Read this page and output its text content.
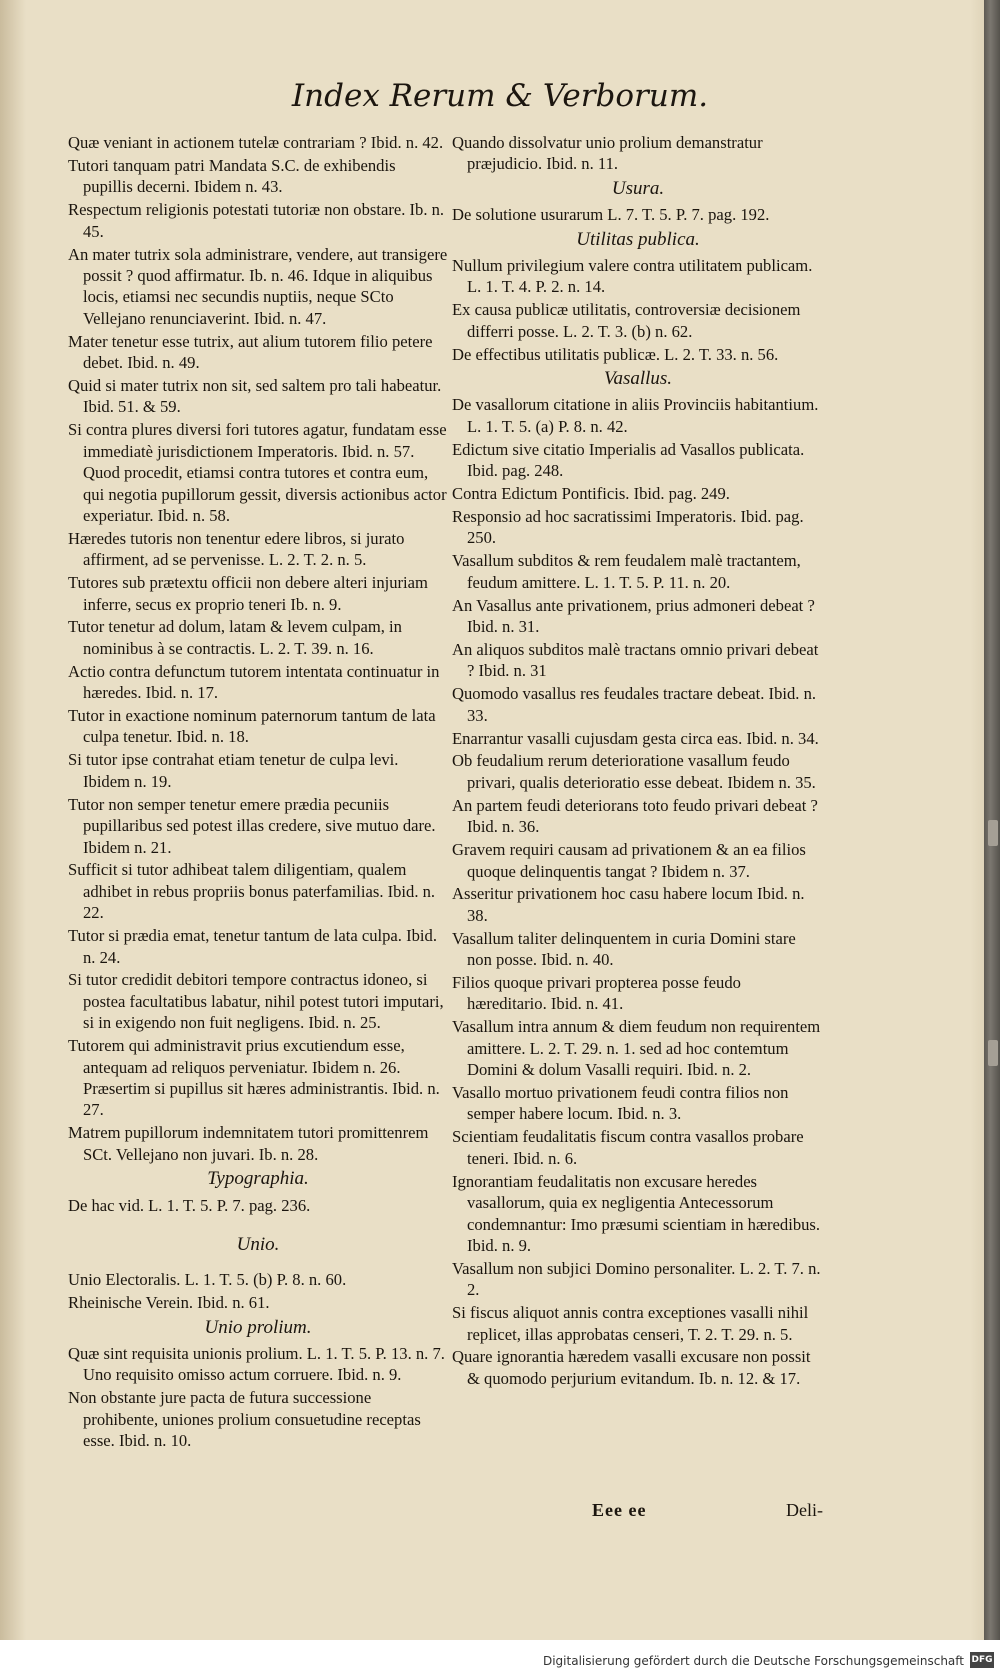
Index Rerum & Verborum.
Quæ veniant in actionem tutelæ contrariam ? Ibid. n. 42.
Tutori tanquam patri Mandata S.C. de exhibendis pupillis decerni. Ibidem n. 43.
Respectum religionis potestati tutoriæ non obstare. Ib. n. 45.
An mater tutrix sola administrare, vendere, aut transigere possit ? quod affirmatur. Ib. n. 46. Idque in aliquibus locis, etiamsi nec secundis nuptiis, neque SCto Vellejano renunciaverint. Ibid. n. 47.
Mater tenetur esse tutrix, aut alium tutorem filio petere debet. Ibid. n. 49.
Quid si mater tutrix non sit, sed saltem pro tali habeatur. Ibid. 51. & 59.
Si contra plures diversi fori tutores agatur, fundatam esse immediatè jurisdictionem Imperatoris. Ibid. n. 57. Quod procedit, etiamsi contra tutores et contra eum, qui negotia pupillorum gessit, diversis actionibus actor experiatur. Ibid. n. 58.
Hæredes tutoris non tenentur edere libros, si jurato affirment, ad se pervenisse. L. 2. T. 2. n. 5.
Tutores sub prætextu officii non debere alteri injuriam inferre, secus ex proprio teneri Ib. n. 9.
Tutor tenetur ad dolum, latam & levem culpam, in nominibus à se contractis. L. 2. T. 39. n. 16.
Actio contra defunctum tutorem intentata continuatur in hæredes. Ibid. n. 17.
Tutor in exactione nominum paternorum tantum de lata culpa tenetur. Ibid. n. 18.
Si tutor ipse contrahat etiam tenetur de culpa levi. Ibidem n. 19.
Tutor non semper tenetur emere prædia pecuniis pupillaribus sed potest illas credere, sive mutuo dare. Ibidem n. 21.
Sufficit si tutor adhibeat talem diligentiam, qualem adhibet in rebus propriis bonus paterfamilias. Ibid. n. 22.
Tutor si prædia emat, tenetur tantum de lata culpa. Ibid. n. 24.
Si tutor credidit debitori tempore contractus idoneo, si postea facultatibus labatur, nihil potest tutori imputari, si in exigendo non fuit negligens. Ibid. n. 25.
Tutorem qui administravit prius excutiendum esse, antequam ad reliquos perveniatur. Ibidem n. 26. Præsertim si pupillus sit hæres administrantis. Ibid. n. 27.
Matrem pupillorum indemnitatem tutori promittenrem SCt. Vellejano non juvari. Ib. n. 28.
Typographia.
De hac vid. L. 1. T. 5. P. 7. pag. 236.
Unio.
Unio Electoralis. L. 1. T. 5. (b) P. 8. n. 60.
Rheinische Verein. Ibid. n. 61.
Unio prolium.
Quæ sint requisita unionis prolium. L. 1. T. 5. P. 13. n. 7. Uno requisito omisso actum corruere. Ibid. n. 9.
Non obstante jure pacta de futura successione prohibente, uniones prolium consuetudine receptas esse. Ibid. n. 10.
Quando dissolvatur unio prolium demanstratur præjudicio. Ibid. n. 11.
Usura.
De solutione usurarum L. 7. T. 5. P. 7. pag. 192.
Utilitas publica.
Nullum privilegium valere contra utilitatem publicam. L. 1. T. 4. P. 2. n. 14.
Ex causa publicæ utilitatis, controversiæ decisionem differri posse. L. 2. T. 3. (b) n. 62.
De effectibus utilitatis publicæ. L. 2. T. 33. n. 56.
Vasallus.
De vasallorum citatione in aliis Provinciis habitantium. L. 1. T. 5. (a) P. 8. n. 42.
Edictum sive citatio Imperialis ad Vasallos publicata. Ibid. pag. 248.
Contra Edictum Pontificis. Ibid. pag. 249.
Responsio ad hoc sacratissimi Imperatoris. Ibid. pag. 250.
Vasallum subditos & rem feudalem malè tractantem, feudum amittere. L. 1. T. 5. P. 11. n. 20.
An Vasallus ante privationem, prius admoneri debeat ? Ibid. n. 31.
An aliquos subditos malè tractans omnio privari debeat ? Ibid. n. 31
Quomodo vasallus res feudales tractare debeat. Ibid. n. 33.
Enarrantur vasalli cujusdam gesta circa eas. Ibid. n. 34.
Ob feudalium rerum deterioratione vasallum feudo privari, qualis deterioratio esse debeat. Ibidem n. 35.
An partem feudi deteriorans toto feudo privari debeat ? Ibid. n. 36.
Gravem requiri causam ad privationem & an ea filios quoque delinquentis tangat ? Ibidem n. 37.
Asseritur privationem hoc casu habere locum Ibid. n. 38.
Vasallum taliter delinquentem in curia Domini stare non posse. Ibid. n. 40.
Filios quoque privari propterea posse feudo hæreditario. Ibid. n. 41.
Vasallum intra annum & diem feudum non requirentem amittere. L. 2. T. 29. n. 1. sed ad hoc contemtum Domini & dolum Vasalli requiri. Ibid. n. 2.
Vasallo mortuo privationem feudi contra filios non semper habere locum. Ibid. n. 3.
Scientiam feudalitatis fiscum contra vasallos probare teneri. Ibid. n. 6.
Ignorantiam feudalitatis non excusare heredes vasallorum, quia ex negligentia Antecessorum condemnantur: Imo præsumi scientiam in hæredibus. Ibid. n. 9.
Vasallum non subjici Domino personaliter. L. 2. T. 7. n. 2.
Si fiscus aliquot annis contra exceptiones vasalli nihil replicet, illas approbatas censeri, T. 2. T. 29. n. 5.
Quare ignorantia hæredem vasalli excusare non possit & quomodo perjurium evitandum. Ib. n. 12. & 17.
Eee ee	Deli-
Digitalisierung gefördert durch die Deutsche Forschungsgemeinschaft DFG
